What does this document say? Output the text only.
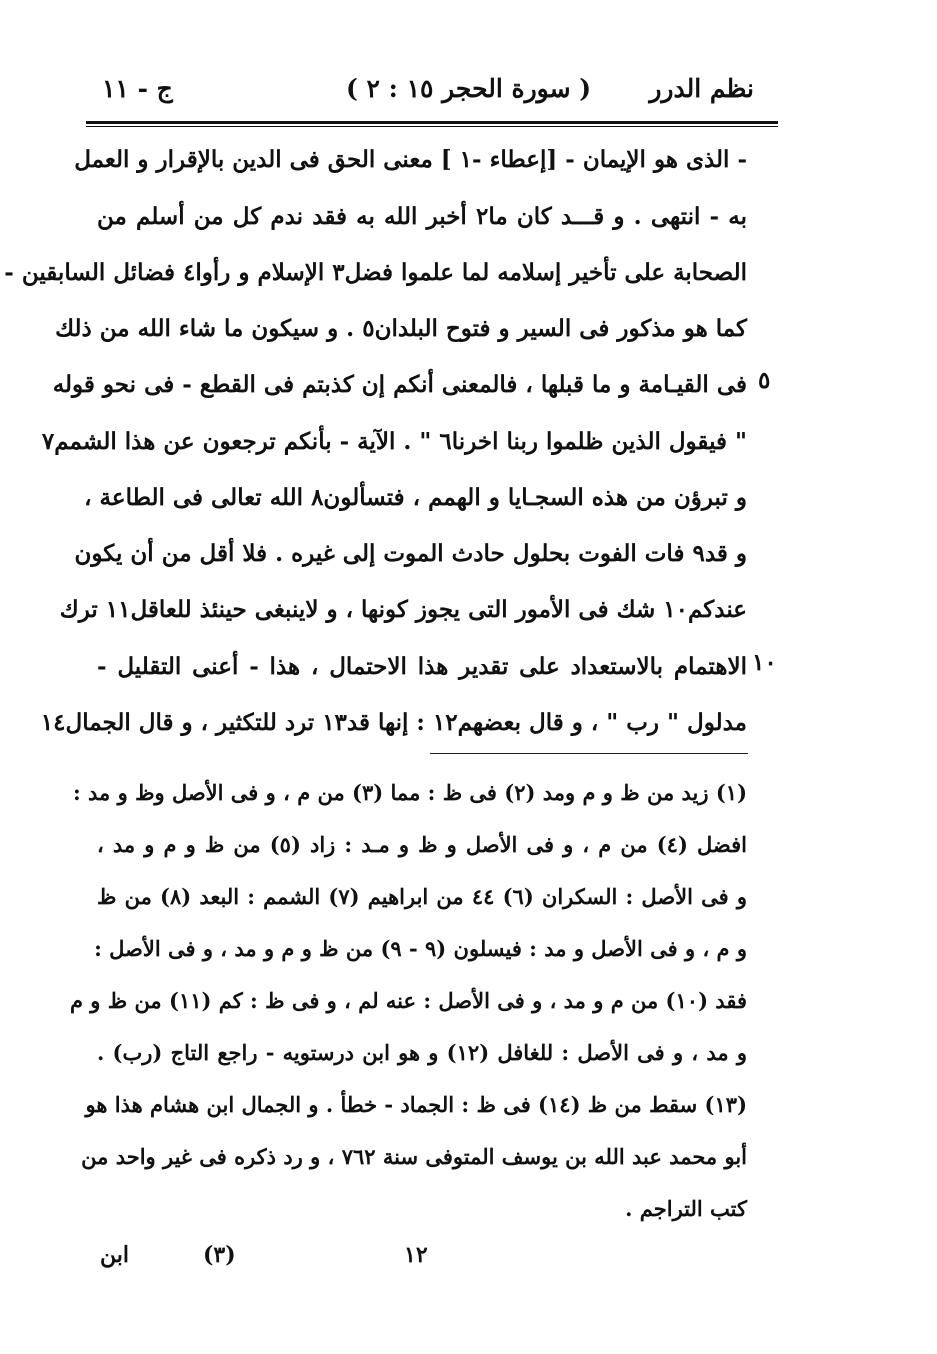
نظم الدرر
( سورة الحجر ١٥ : ٢ )
ج - ١١
- الذى هو الإيمان - [إعطاء -١ ] معنى الحق فى الدين بالإقرار و العمل
به - انتهى . و قـــد كان ما٢ أخبر الله به فقد ندم كل من أسلم من
الصحابة على تأخير إسلامه لما علموا فضل٣ الإسلام و رأوا٤ فضائل السابقين -
كما هو مذكور فى السير و فتوح البلدان٥ . و سيكون ما شاء الله من ذلك
فى القيـامة و ما قبلها ، فالمعنى أنكم إن كذبتم فى القطع - فى نحو قوله
" فيقول الذين ظلموا ربنا اخرنا٦ " . الآية - بأنكم ترجعون عن هذا الشمم٧
و تبرؤن من هذه السجـايا و الهمم ، فتسألون٨ الله تعالى فى الطاعة ،
و قد٩ فات الفوت بحلول حادث الموت إلى غيره . فلا أقل من أن يكون
عندكم١٠ شك فى الأمور التى يجوز كونها ، و لاينبغى حينئذ للعاقل١١ ترك
الاهتمام بالاستعداد على تقدير هذا الاحتمال ، هذا - أعنى التقليل -
مدلول " رب " ، و قال بعضهم١٢ : إنها قد١٣ ترد للتكثير ، و قال الجمال١٤
٥
١٠
(١) زيد من ظ و م ومد (٢) فى ظ : مما (٣) من م ، و فى الأصل وظ و مد :
افضل (٤) من م ، و فى الأصل و ظ و مـد : زاد (٥) من ظ و م و مد ،
و فى الأصل : السكران (٦) ٤٤ من ابراهيم (٧) الشمم : البعد (٨) من ظ
و م ، و فى الأصل و مد : فيسلون (٩ - ٩) من ظ و م و مد ، و فى الأصل :
فقد (١٠) من م و مد ، و فى الأصل : عنه لم ، و فى ظ : كم (١١) من ظ و م
و مد ، و فى الأصل : للغافل (١٢) و هو ابن درستويه - راجع التاج (رب) .
(١٣) سقط من ظ (١٤) فى ظ : الجماد - خطأ . و الجمال ابن هشام هذا هو
أبو محمد عبد الله بن يوسف المتوفى سنة ٧٦٢ ، و رد ذكره فى غير واحد من
كتب التراجم .
١٢
(٣)
ابن
